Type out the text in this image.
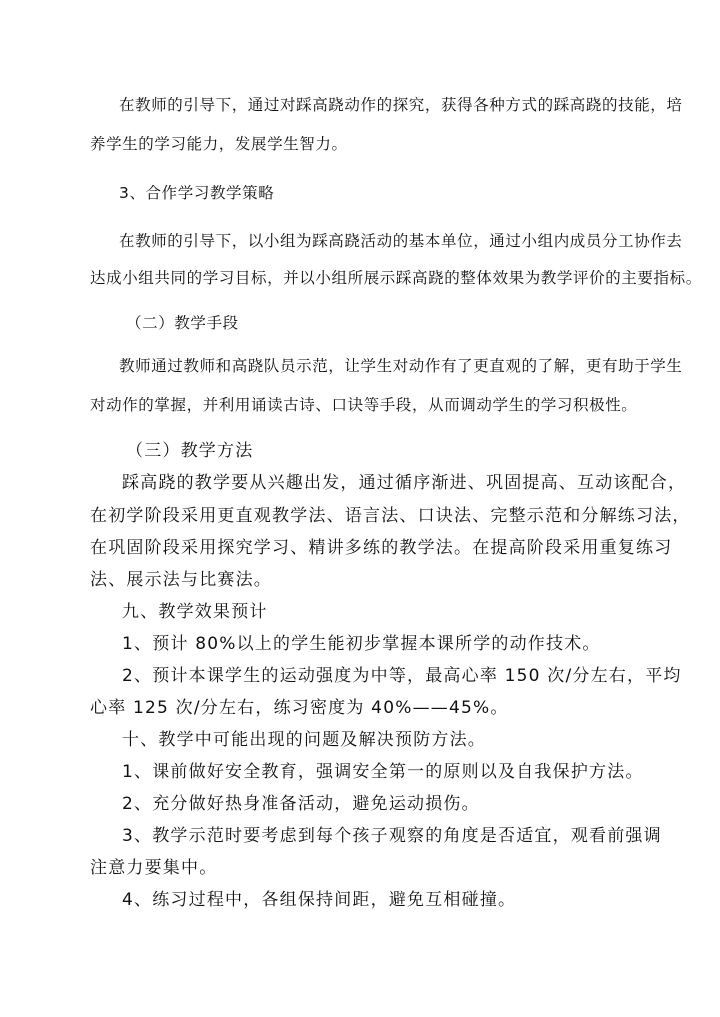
在教师的引导下，通过对踩高跷动作的探究，获得各种方式的踩高跷的技能，培
养学生的学习能力，发展学生智力。
3、合作学习教学策略
在教师的引导下，以小组为踩高跷活动的基本单位，通过小组内成员分工协作去
达成小组共同的学习目标，并以小组所展示踩高跷的整体效果为教学评价的主要指标。
（二）教学手段
教师通过教师和高跷队员示范，让学生对动作有了更直观的了解，更有助于学生
对动作的掌握，并利用诵读古诗、口诀等手段，从而调动学生的学习积极性。
（三）教学方法
踩高跷的教学要从兴趣出发，通过循序渐进、巩固提高、互动该配合，
在初学阶段采用更直观教学法、语言法、口诀法、完整示范和分解练习法，
在巩固阶段采用探究学习、精讲多练的教学法。在提高阶段采用重复练习
法、展示法与比赛法。
九、教学效果预计
1、预计 80%以上的学生能初步掌握本课所学的动作技术。
2、预计本课学生的运动强度为中等，最高心率 150 次/分左右，平均
心率 125 次/分左右，练习密度为 40%——45%。
十、教学中可能出现的问题及解决预防方法。
1、课前做好安全教育，强调安全第一的原则以及自我保护方法。
2、充分做好热身准备活动，避免运动损伤。
3、教学示范时要考虑到每个孩子观察的角度是否适宜，观看前强调
注意力要集中。
4、练习过程中，各组保持间距，避免互相碰撞。
